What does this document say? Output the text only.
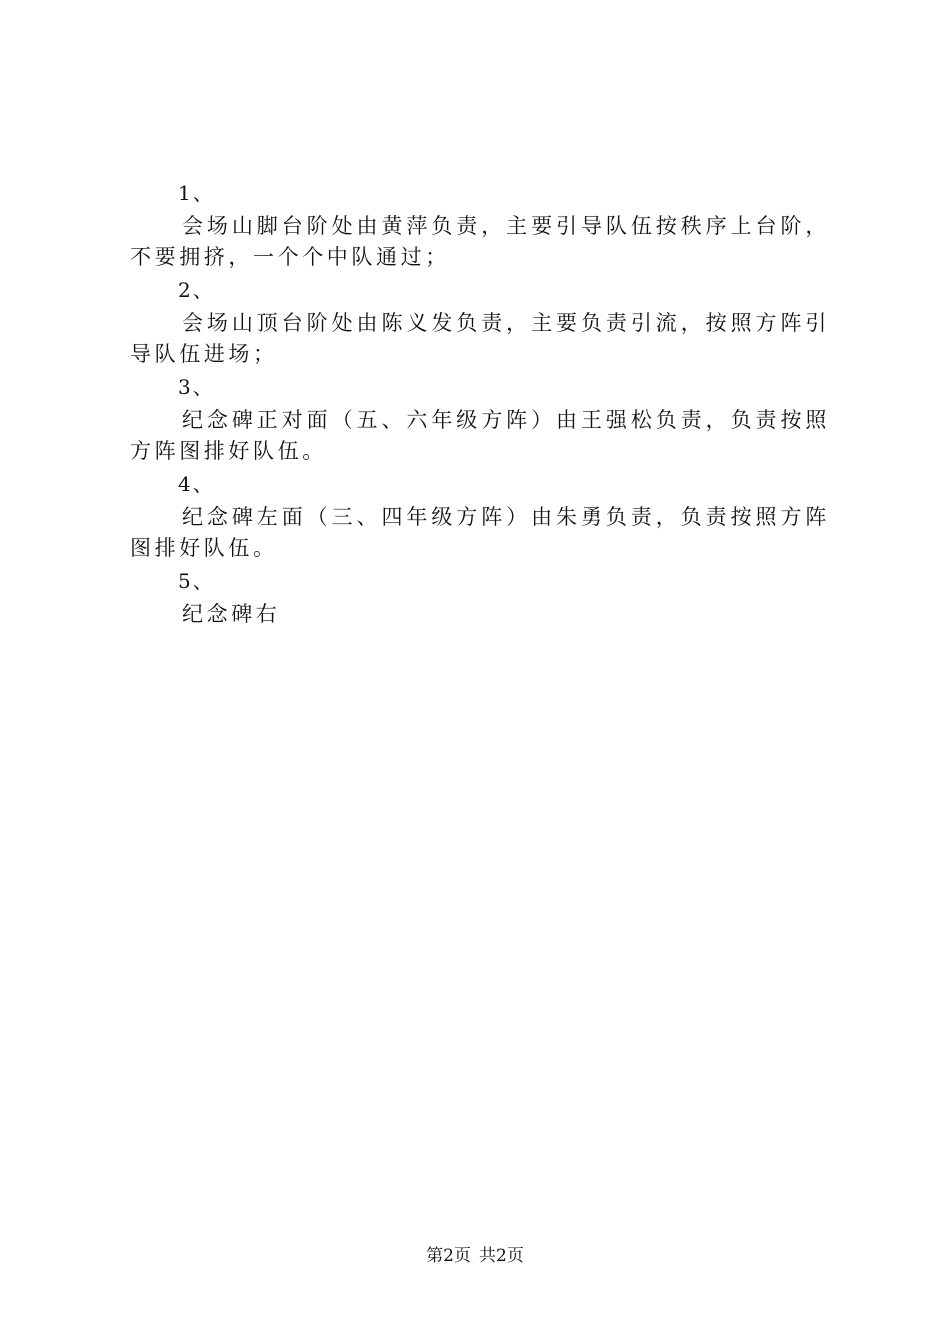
1、

会场山脚台阶处由黄萍负责，主要引导队伍按秩序上台阶，不要拥挤，一个个中队通过；

2、

会场山顶台阶处由陈义发负责，主要负责引流，按照方阵引导队伍进场；

3、

纪念碑正对面（五、六年级方阵）由王强松负责，负责按照方阵图排好队伍。

4、

纪念碑左面（三、四年级方阵）由朱勇负责，负责按照方阵图排好队伍。

5、

纪念碑右

第2页 共2页
